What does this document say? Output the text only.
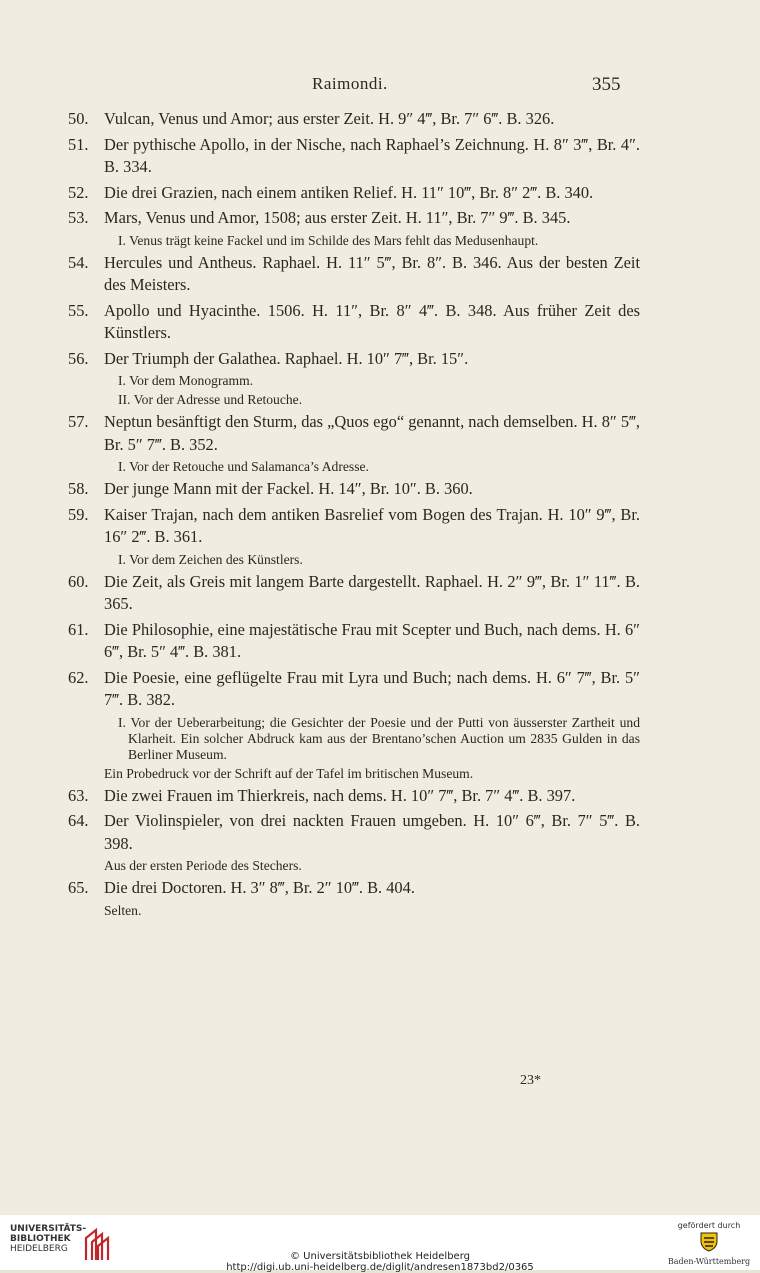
Raimondi.	355
50. Vulcan, Venus und Amor; aus erster Zeit. H. 9″ 4‴, Br. 7″ 6‴. B. 326.
51. Der pythische Apollo, in der Nische, nach Raphael’s Zeichnung. H. 8″ 3‴, Br. 4″. B. 334.
52. Die drei Grazien, nach einem antiken Relief. H. 11″ 10‴, Br. 8″ 2‴. B. 340.
53. Mars, Venus und Amor, 1508; aus erster Zeit. H. 11″, Br. 7″ 9‴. B. 345.
I. Venus trägt keine Fackel und im Schilde des Mars fehlt das Medusenhaupt.
54. Hercules und Antheus. Raphael. H. 11″ 5‴, Br. 8″. B. 346. Aus der besten Zeit des Meisters.
55. Apollo und Hyacinthe. 1506. H. 11″, Br. 8″ 4‴. B. 348. Aus früher Zeit des Künstlers.
56. Der Triumph der Galathea. Raphael. H. 10″ 7‴, Br. 15″.
I. Vor dem Monogramm.
II. Vor der Adresse und Retouche.
57. Neptun besänftigt den Sturm, das „Quos ego“ genannt, nach demselben. H. 8″ 5‴, Br. 5″ 7‴. B. 352.
I. Vor der Retouche und Salamanca’s Adresse.
58. Der junge Mann mit der Fackel. H. 14″, Br. 10″. B. 360.
59. Kaiser Trajan, nach dem antiken Basrelief vom Bogen des Trajan. H. 10″ 9‴, Br. 16″ 2‴. B. 361.
I. Vor dem Zeichen des Künstlers.
60. Die Zeit, als Greis mit langem Barte dargestellt. Raphael. H. 2″ 9‴, Br. 1″ 11‴. B. 365.
61. Die Philosophie, eine majestätische Frau mit Scepter und Buch, nach dems. H. 6″ 6‴, Br. 5″ 4‴. B. 381.
62. Die Poesie, eine geflügelte Frau mit Lyra und Buch; nach dems. H. 6″ 7‴, Br. 5″ 7‴. B. 382.
I. Vor der Ueberarbeitung; die Gesichter der Poesie und der Putti von äusserster Zartheit und Klarheit. Ein solcher Abdruck kam aus der Brentano’schen Auction um 2835 Gulden in das Berliner Museum.
Ein Probedruck vor der Schrift auf der Tafel im britischen Museum.
63. Die zwei Frauen im Thierkreis, nach dems. H. 10″ 7‴, Br. 7″ 4‴. B. 397.
64. Der Violinspieler, von drei nackten Frauen umgeben. H. 10″ 6‴, Br. 7″ 5‴. B. 398.
Aus der ersten Periode des Stechers.
65. Die drei Doctoren. H. 3″ 8‴, Br. 2″ 10‴. B. 404.
Selten.
23*
UNIVERSITÄTS-
BIBLIOTHEK
HEIDELBERG
© Universitätsbibliothek Heidelberg
http://digi.ub.uni-heidelberg.de/diglit/andresen1873bd2/0365
gefördert durch
Baden-Württemberg
